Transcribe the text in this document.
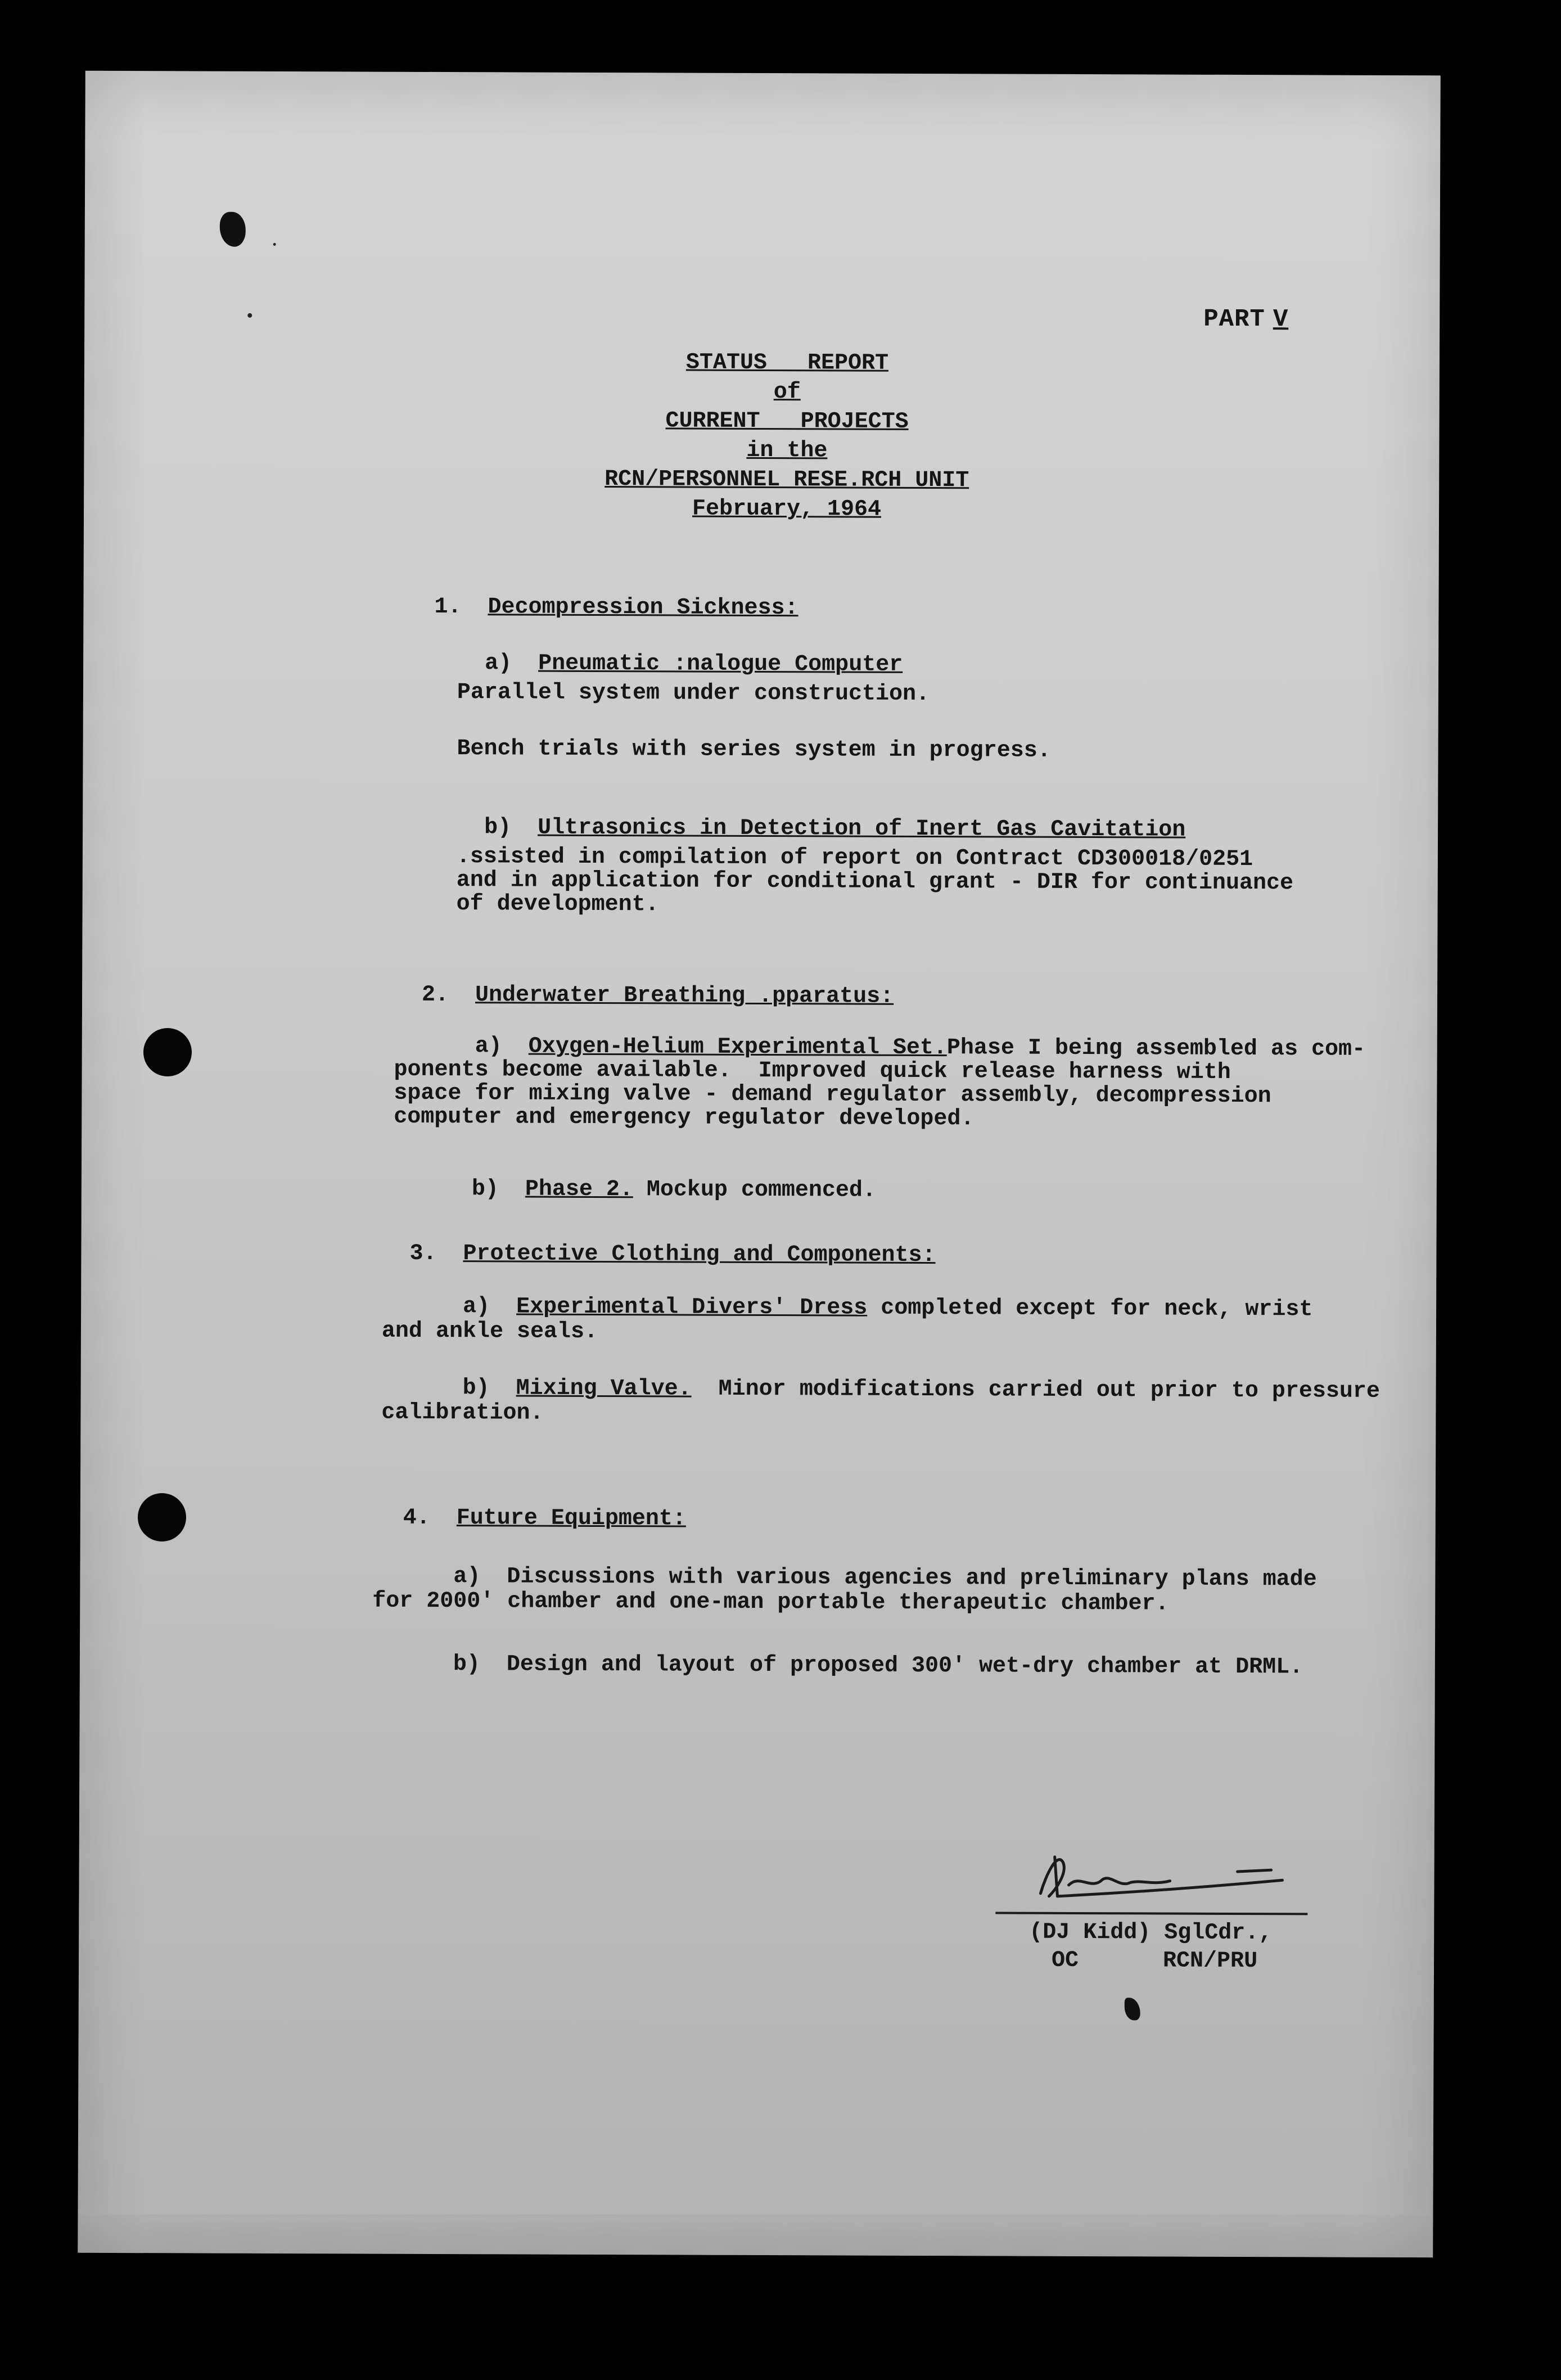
PART V
STATUS   REPORT
of
CURRENT   PROJECTS
in the
RCN/PERSONNEL RESE.RCH UNIT
February, 1964

1. Decompression Sickness:

a) Pneumatic :nalogue Computer

Parallel system under construction.
Bench trials with series system in progress.

b) Ultrasonics in Detection of Inert Gas Cavitation

.ssisted in compilation of report on Contract CD300018/0251
and in application for conditional grant - DIR for continuance
of development.

2. Underwater Breathing .pparatus:

a) Oxygen-Helium Experimental Set.Phase I being assembled as com-
ponents become available.  Improved quick release harness with
space for mixing valve - demand regulator assembly, decompression
computer and emergency regulator developed.

b) Phase 2. Mockup commenced.

3. Protective Clothing and Components:

a) Experimental Divers' Dress completed except for neck, wrist
and ankle seals.

b) Mixing Valve.  Minor modifications carried out prior to pressure
calibration.

4. Future Equipment:

a) Discussions with various agencies and preliminary plans made
for 2000' chamber and one-man portable therapeutic chamber.

b) Design and layout of proposed 300' wet-dry chamber at DRML.

(DJ Kidd) SglCdr.,
OC	RCN/PRU
